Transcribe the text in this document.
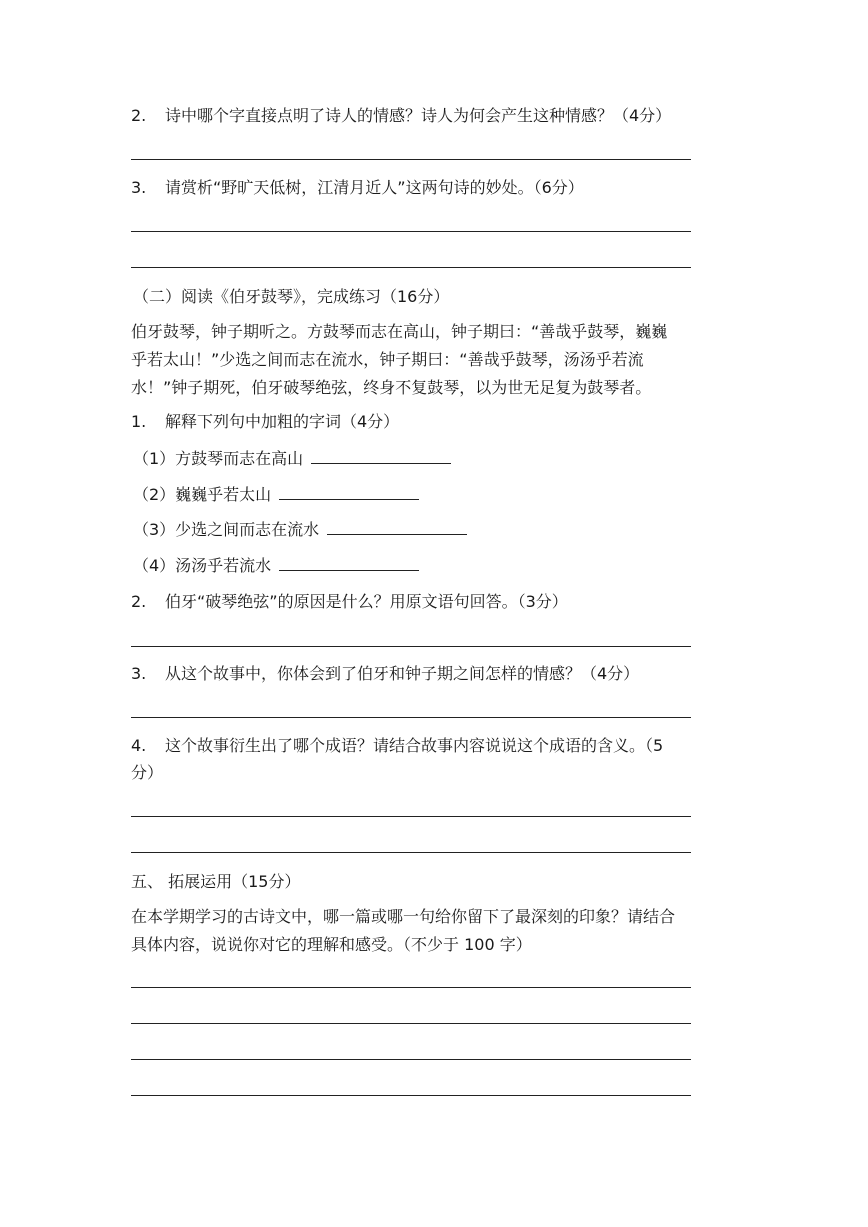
2. 诗中哪个字直接点明了诗人的情感？诗人为何会产生这种情感？（4分）

3. 请赏析“野旷天低树，江清月近人”这两句诗的妙处。（6分）

（二）阅读《伯牙鼓琴》，完成练习（16分）

伯牙鼓琴，钟子期听之。方鼓琴而志在高山，钟子期曰：“善哉乎鼓琴，巍巍
乎若太山！”少选之间而志在流水，钟子期曰：“善哉乎鼓琴，汤汤乎若流
水！”钟子期死，伯牙破琴绝弦，终身不复鼓琴，以为世无足复为鼓琴者。

1. 解释下列句中加粗的字词（4分）

（1）方鼓琴而志在高山

（2）巍巍乎若太山

（3）少选之间而志在流水

（4）汤汤乎若流水

2. 伯牙“破琴绝弦”的原因是什么？用原文语句回答。（3分）

3. 从这个故事中，你体会到了伯牙和钟子期之间怎样的情感？（4分）

4. 这个故事衍生出了哪个成语？请结合故事内容说说这个成语的含义。（5

分）

五、 拓展运用（15分）

在本学期学习的古诗文中，哪一篇或哪一句给你留下了最深刻的印象？请结合
具体内容，说说你对它的理解和感受。（不少于 100 字）
